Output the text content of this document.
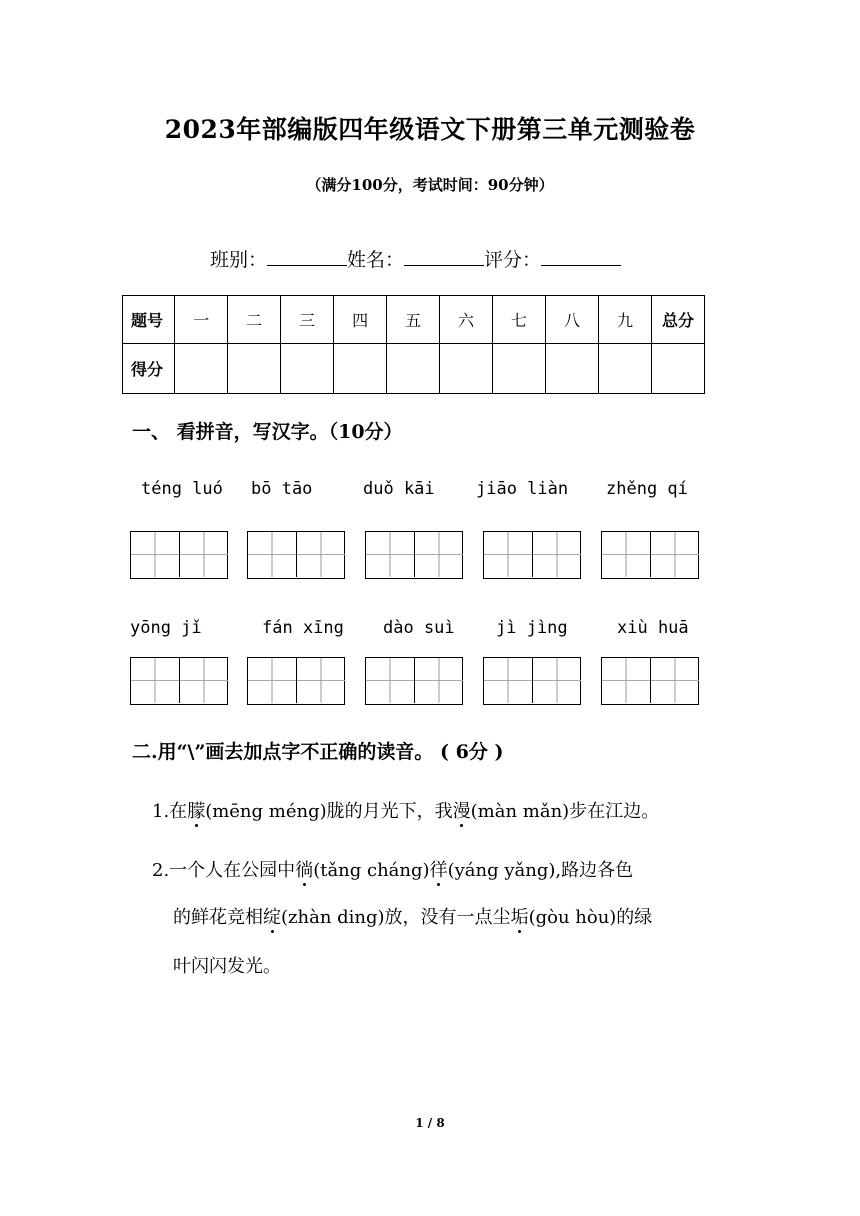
2023年部编版四年级语文下册第三单元测验卷
（满分100分，考试时间：90分钟）
班别：	姓名：	评分：
题号	一	二	三	四	五	六	七	八	九	总分
得分										
一、 看拼音，写汉字。（10分）
téng luó bō tāo	duǒ kāi jiāo liàn zhěng qí
yōng jǐ	fán xīng dào suì jì jìng	xiù huā
二.用“\”画去加点字不正确的读音。 ( 6分 )
1.在朦(mēng méng)胧的月光下，我漫(màn mǎn)步在江边。
2.一个人在公园中徜(tǎng cháng)徉(yáng yǎng),路边各色
的鲜花竞相绽(zhàn ding)放，没有一点尘垢(gòu hòu)的绿
叶闪闪发光。
1 / 8
